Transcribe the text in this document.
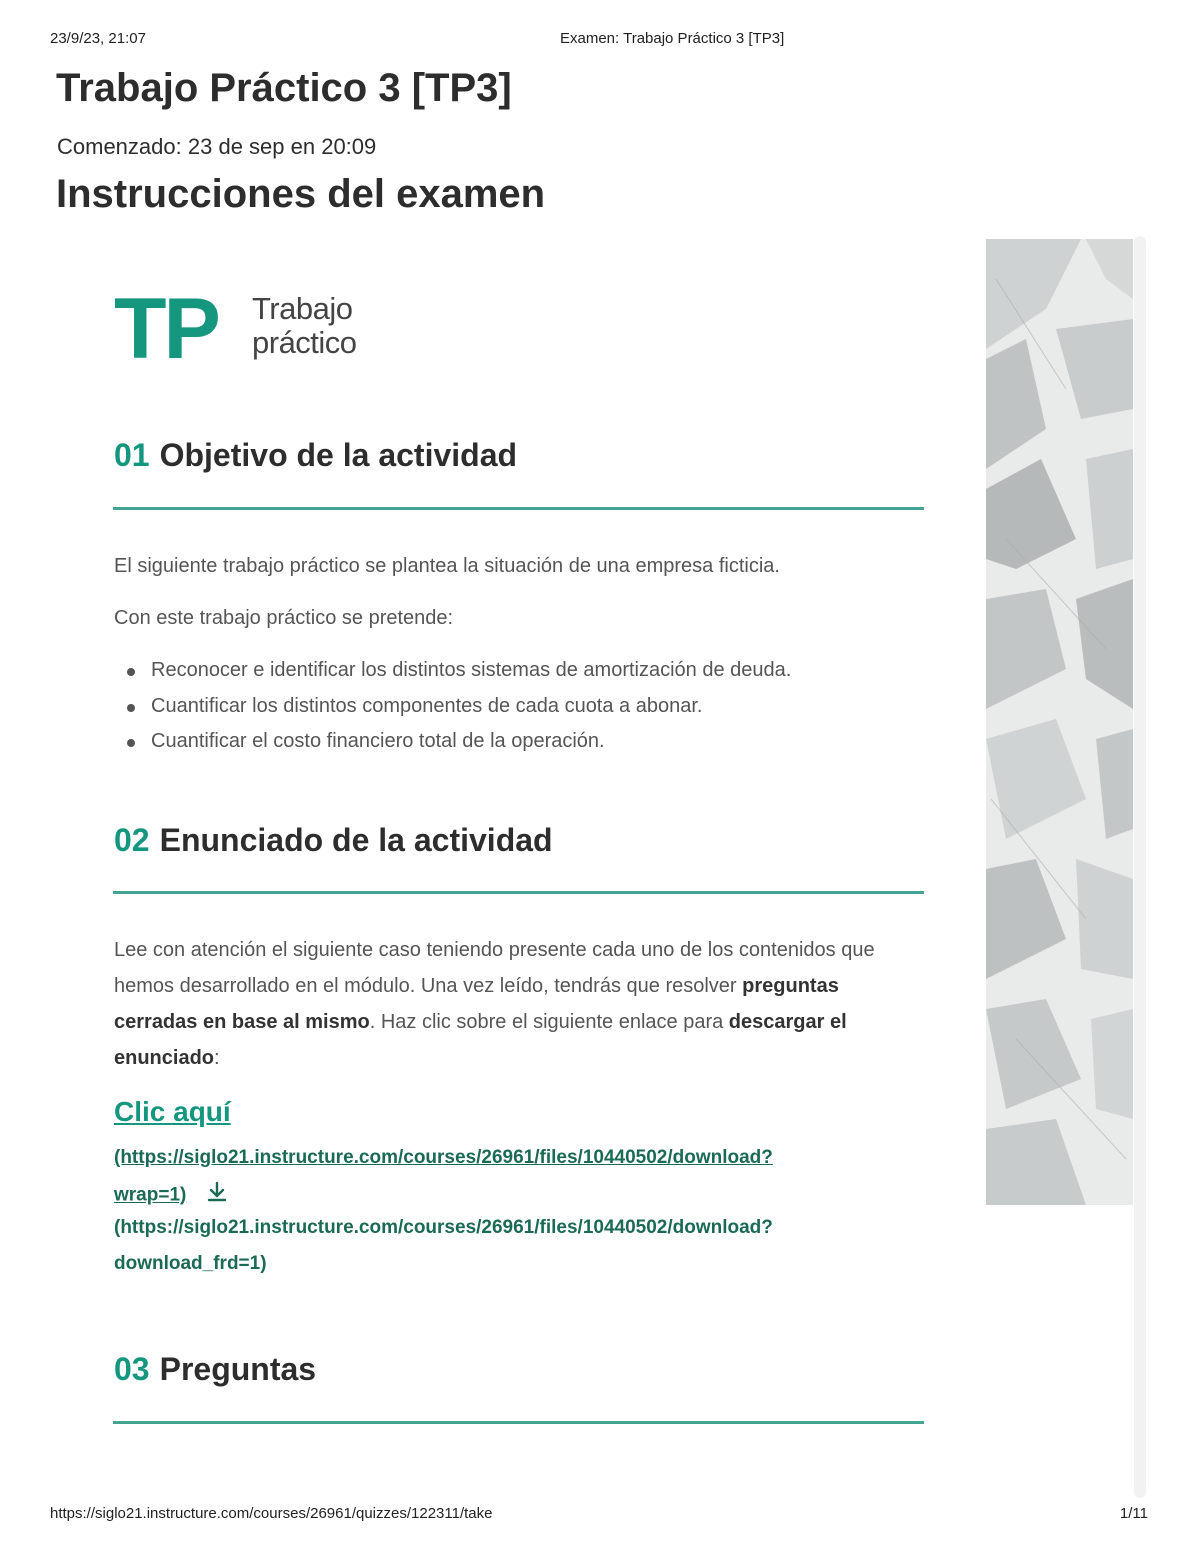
23/9/23, 21:07	Examen: Trabajo Práctico 3 [TP3]
Trabajo Práctico 3 [TP3]
Comenzado: 23 de sep en 20:09
Instrucciones del examen
TP Trabajo
práctico
01 Objetivo de la actividad

El siguiente trabajo práctico se plantea la situación de una empresa ficticia.

Con este trabajo práctico se pretende:

Reconocer e identificar los distintos sistemas de amortización de deuda.
Cuantificar los distintos componentes de cada cuota a abonar.
Cuantificar el costo financiero total de la operación.
02 Enunciado de la actividad

Lee con atención el siguiente caso teniendo presente cada uno de los contenidos que hemos desarrollado en el módulo. Una vez leído, tendrás que resolver preguntas cerradas en base al mismo. Haz clic sobre el siguiente enlace para descargar el enunciado:

Clic aquí
(https://siglo21.instructure.com/courses/26961/files/10440502/download?
wrap=1)
(https://siglo21.instructure.com/courses/26961/files/10440502/download?
download_frd=1)
03 Preguntas
https://siglo21.instructure.com/courses/26961/quizzes/122311/take	1/11
